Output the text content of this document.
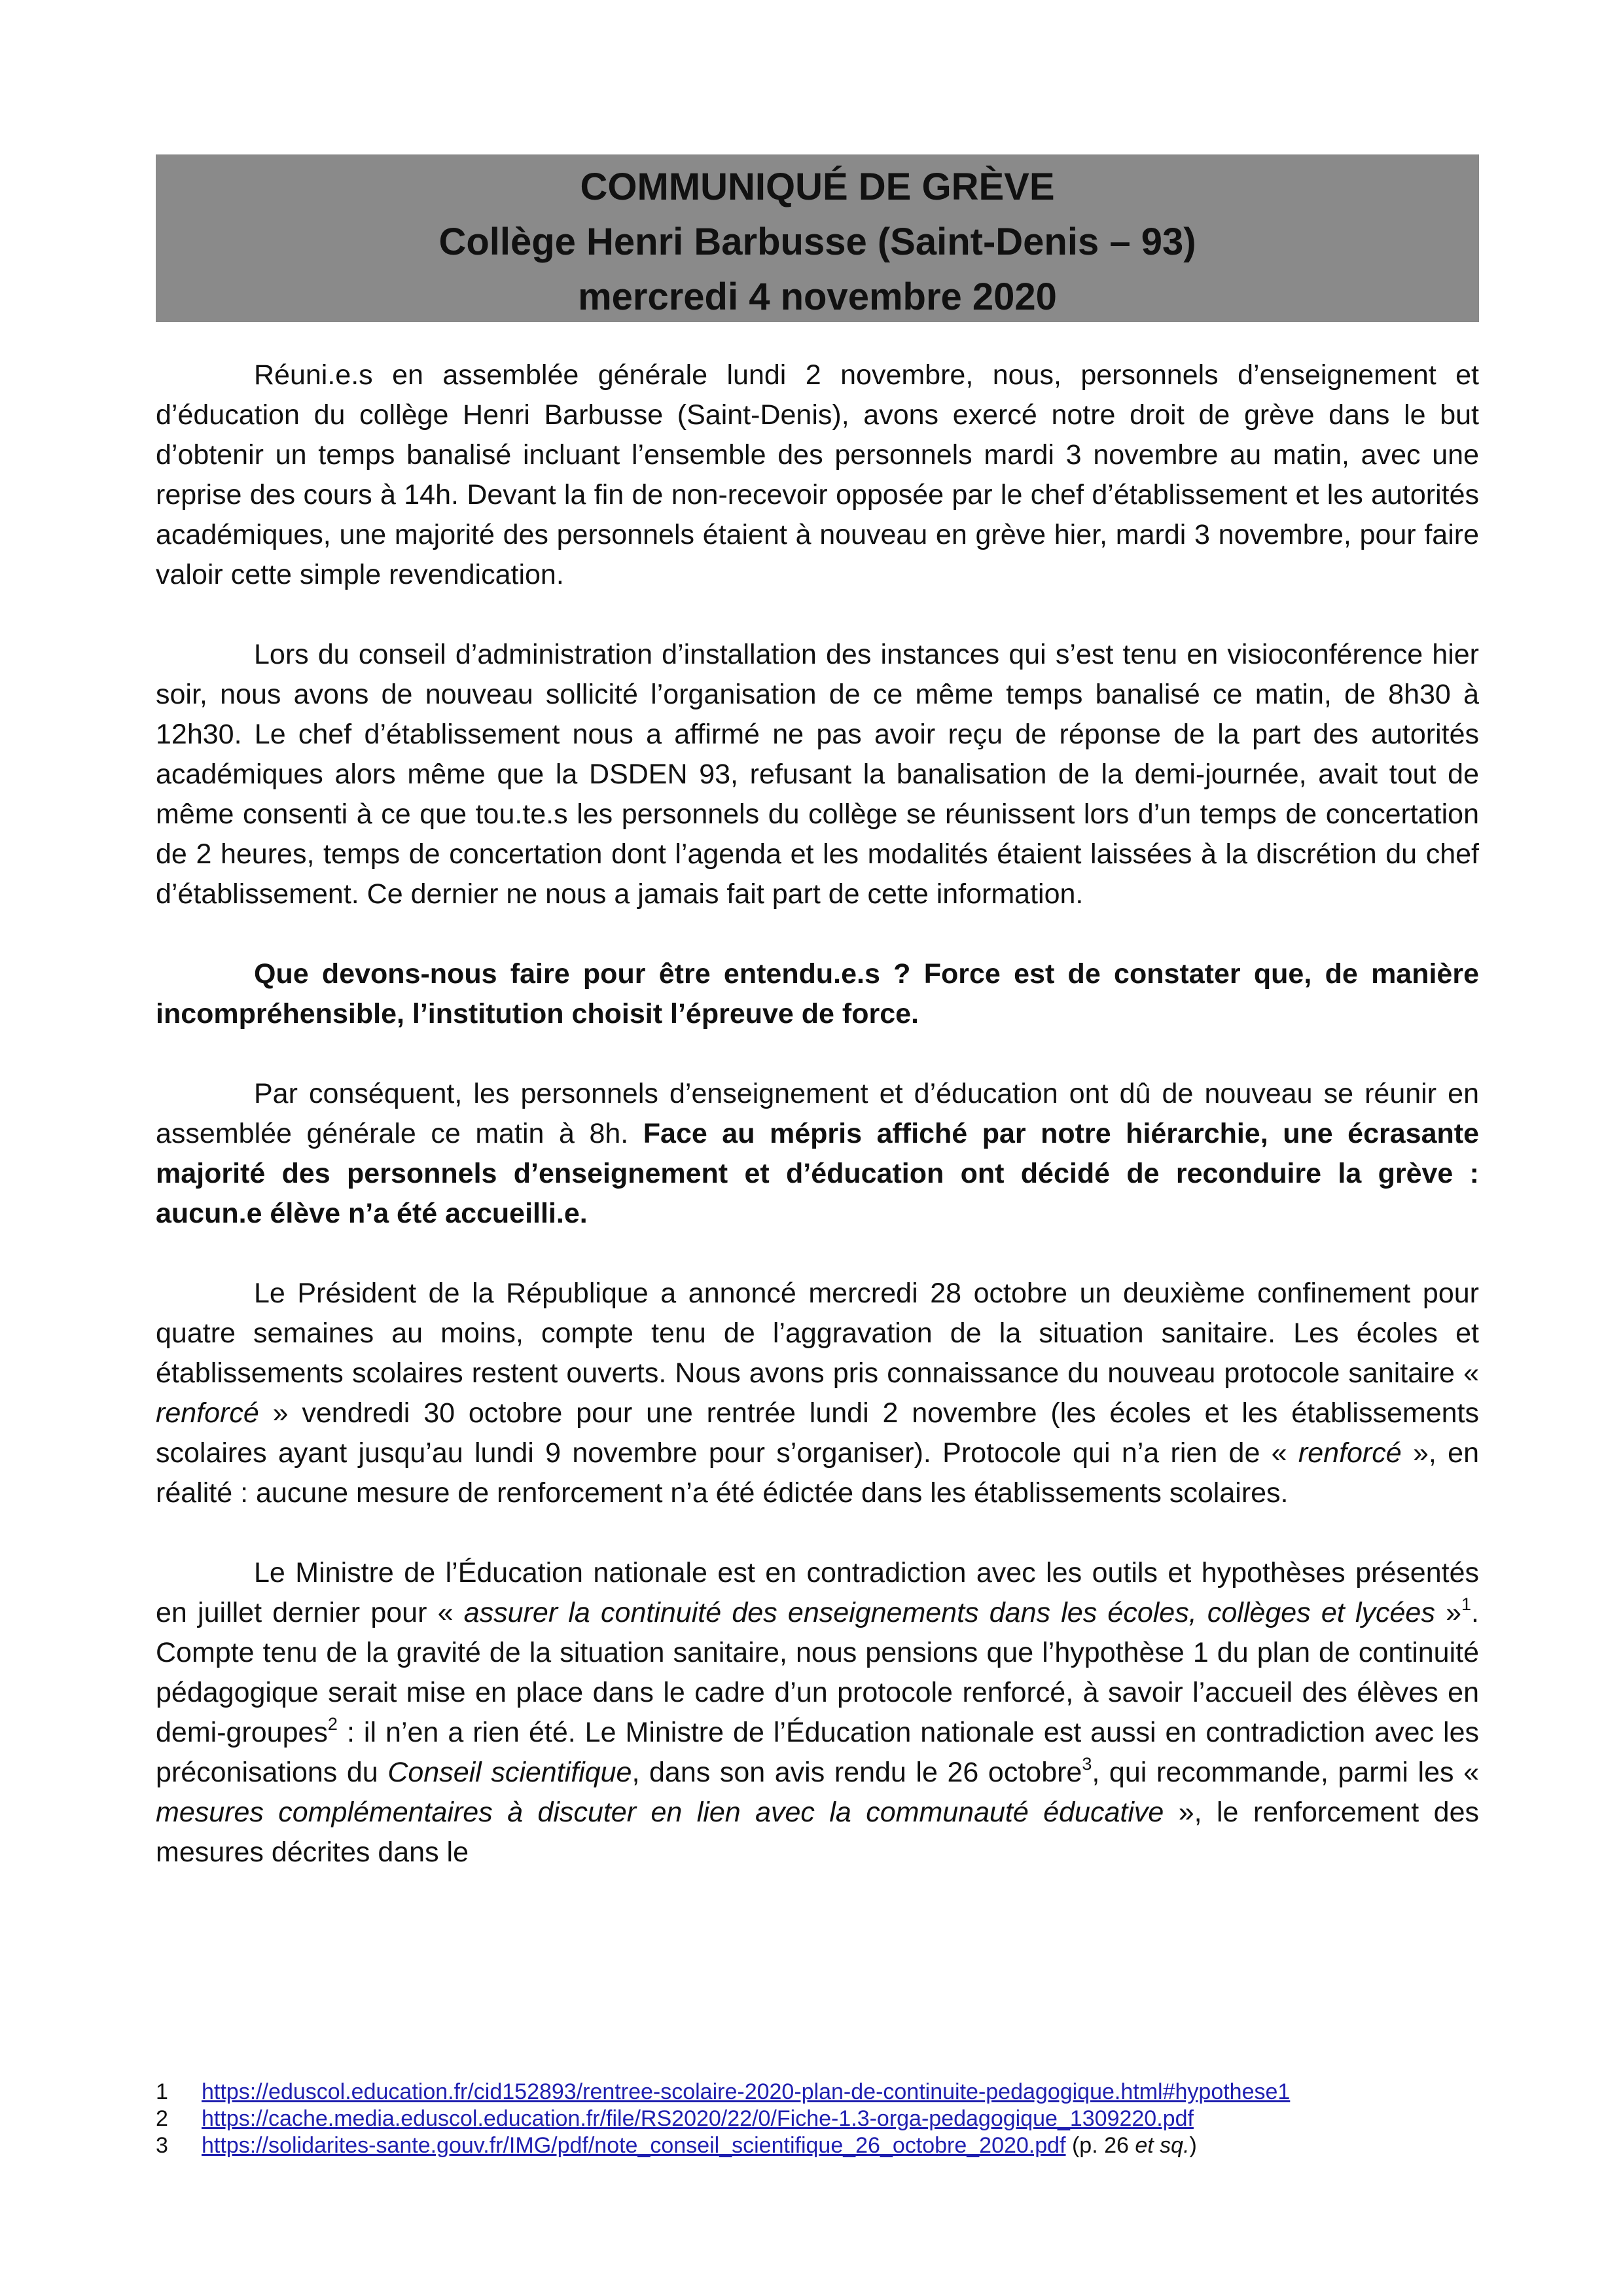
COMMUNIQUÉ DE GRÈVE
Collège Henri Barbusse (Saint-Denis – 93)
mercredi 4 novembre 2020

Réuni.e.s en assemblée générale lundi 2 novembre, nous, personnels d’enseignement et d’éducation du collège Henri Barbusse (Saint-Denis), avons exercé notre droit de grève dans le but d’obtenir un temps banalisé incluant l’ensemble des personnels mardi 3 novembre au matin, avec une reprise des cours à 14h. Devant la fin de non-recevoir opposée par le chef d’établissement et les autorités académiques, une majorité des personnels étaient à nouveau en grève hier, mardi 3 novembre, pour faire valoir cette simple revendication.

Lors du conseil d’administration d’installation des instances qui s’est tenu en visioconférence hier soir, nous avons de nouveau sollicité l’organisation de ce même temps banalisé ce matin, de 8h30 à 12h30. Le chef d’établissement nous a affirmé ne pas avoir reçu de réponse de la part des autorités académiques alors même que la DSDEN 93, refusant la banalisation de la demi-journée, avait tout de même consenti à ce que tou.te.s les personnels du collège se réunissent lors d’un temps de concertation de 2 heures, temps de concertation dont l’agenda et les modalités étaient laissées à la discrétion du chef d’établissement. Ce dernier ne nous a jamais fait part de cette information.

Que devons-nous faire pour être entendu.e.s ? Force est de constater que, de manière incompréhensible, l’institution choisit l’épreuve de force.

Par conséquent, les personnels d’enseignement et d’éducation ont dû de nouveau se réunir en assemblée générale ce matin à 8h. Face au mépris affiché par notre hiérarchie, une écrasante majorité des personnels d’enseignement et d’éducation ont décidé de reconduire la grève : aucun.e élève n’a été accueilli.e.

Le Président de la République a annoncé mercredi 28 octobre un deuxième confinement pour quatre semaines au moins, compte tenu de l’aggravation de la situation sanitaire. Les écoles et établissements scolaires restent ouverts. Nous avons pris connaissance du nouveau protocole sanitaire « renforcé » vendredi 30 octobre pour une rentrée lundi 2 novembre (les écoles et les établissements scolaires ayant jusqu’au lundi 9 novembre pour s’organiser). Protocole qui n’a rien de « renforcé », en réalité : aucune mesure de renforcement n’a été édictée dans les établissements scolaires.

Le Ministre de l’Éducation nationale est en contradiction avec les outils et hypothèses présentés en juillet dernier pour « assurer la continuité des enseignements dans les écoles, collèges et lycées »$^1$. Compte tenu de la gravité de la situation sanitaire, nous pensions que l’hypothèse 1 du plan de continuité pédagogique serait mise en place dans le cadre d’un protocole renforcé, à savoir l’accueil des élèves en demi-groupes$^2$ : il n’en a rien été. Le Ministre de l’Éducation nationale est aussi en contradiction avec les préconisations du Conseil scientifique, dans son avis rendu le 26 octobre$^3$, qui recommande, parmi les « mesures complémentaires à discuter en lien avec la communauté éducative », le renforcement des mesures décrites dans le

1 https://eduscol.education.fr/cid152893/rentree-scolaire-2020-plan-de-continuite-pedagogique.html#hypothese1
2 https://cache.media.eduscol.education.fr/file/RS2020/22/0/Fiche-1.3-orga-pedagogique_1309220.pdf
3 https://solidarites-sante.gouv.fr/IMG/pdf/note_conseil_scientifique_26_octobre_2020.pdf (p. 26 et sq.)
